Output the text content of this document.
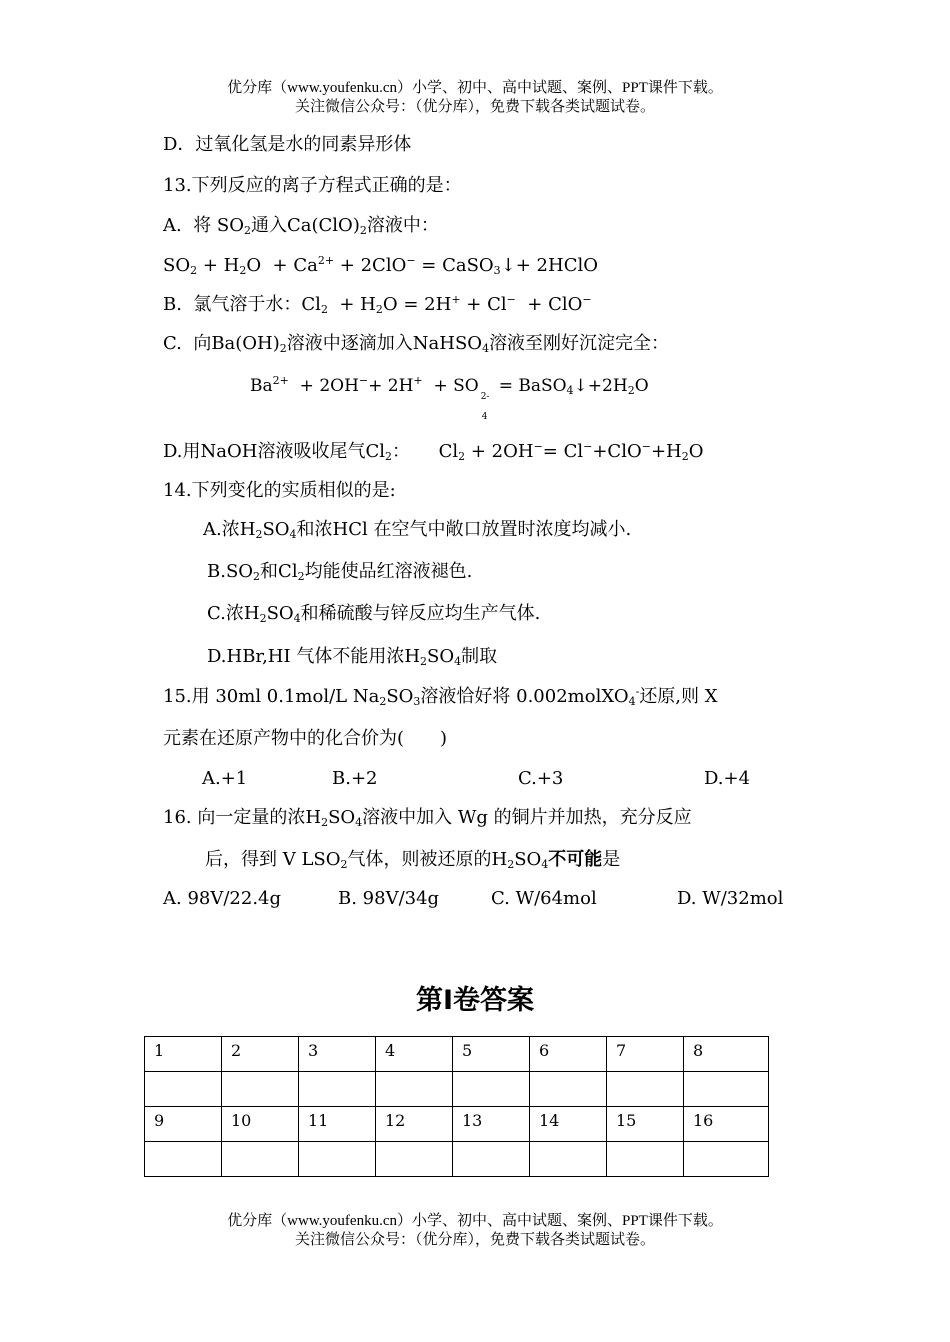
优分库（www.youfenku.cn）小学、初中、高中试题、案例、PPT课件下载。
关注微信公众号：（优分库），免费下载各类试题试卷。
D．过氧化氢是水的同素异形体
13.下列反应的离子方程式正确的是：
A. 将 $SO_2$通入$Ca(ClO)_2$溶液中：
$SO_2 + H_2O + Ca^{2+} + 2ClO^-$ = CaSO$_3$↓+ 2HClO
B. 氯气溶于水：$Cl_2 + H_2O = 2H^+ + Cl^- + ClO^-$
C. 向$Ba(OH)_2$溶液中逐滴加入NaHSO$_4$溶液至刚好沉淀完全：
$Ba^{2+} + 2OH^-+ 2H^+$  + SO
2-
4
= $BaSO_4↓+2H_2O$
D.用NaOH溶液吸收尾气$Cl_2$：     $Cl_2 + 2OH^-= Cl^-+ClO^-+H_2O$
14.下列变化的实质相似的是:
A.浓$H_2SO_4$和浓HCl 在空气中敞口放置时浓度均减小.
$B.SO_2$和$Cl_2$均能使品红溶液褪色.
C.浓$H_2SO_4$和稀硫酸与锌反应均生产气体.
D.HBr,HI 气体不能用浓$H_2SO_4$制取
15.用 30ml 0.1mol/L $Na_2SO_3$溶液恰好将 0.002molXO$_4$-还原,则 X
元素在还原产物中的化合价为(　　)
A.+1	B.+2	C.+3	D.+4
16. 向一定量的浓$H_2SO_4$溶液中加入 Wg 的铜片并加热，充分反应
后，得到 V $LSO_2$气体，则被还原的$H_2SO_4$不可能是
A. 98V/22.4g	B. 98V/34g	C. W/64mol	D. W/32mol
第Ⅰ卷答案
1	2	3	4	5	6	7	8

9	10	11	12	13	14	15	16

优分库（www.youfenku.cn）小学、初中、高中试题、案例、PPT课件下载。
关注微信公众号：（优分库），免费下载各类试题试卷。
